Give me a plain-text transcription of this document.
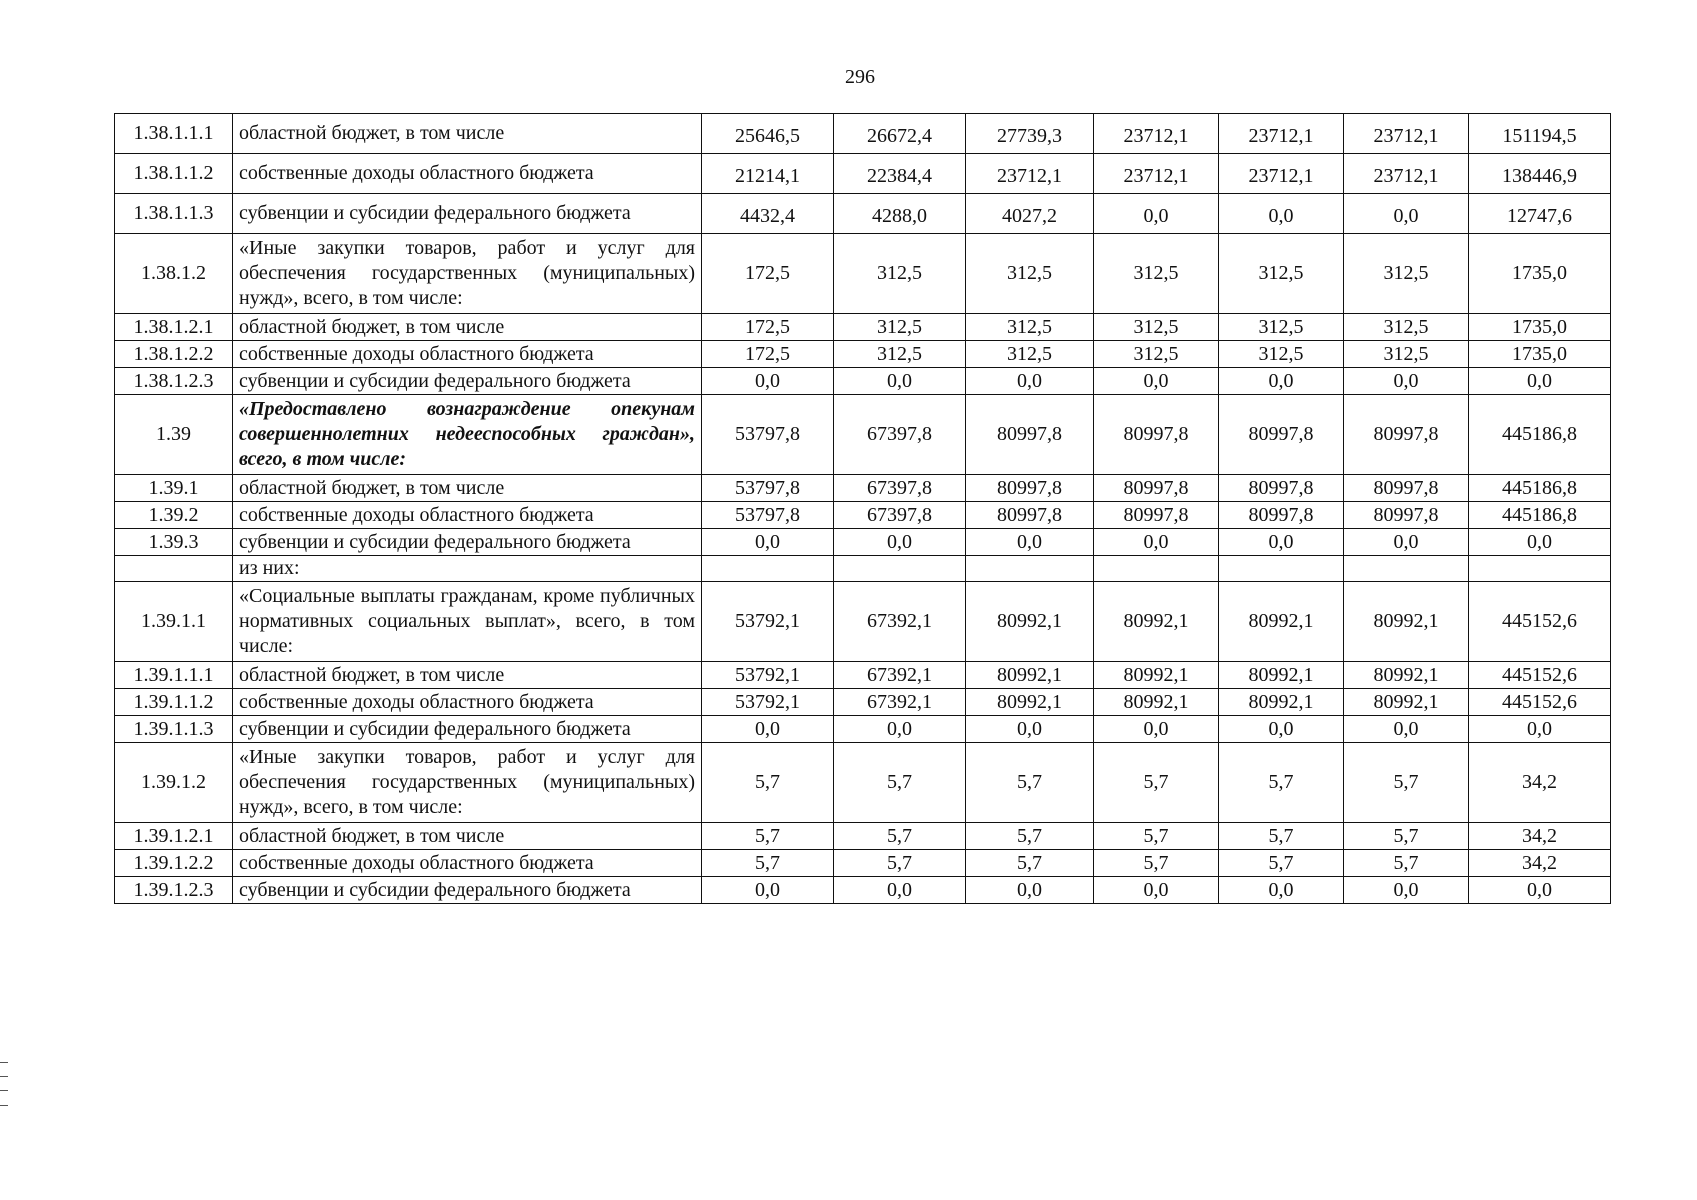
296
1.38.1.1.1	областной бюджет, в том числе	25646,5	26672,4	27739,3	23712,1	23712,1	23712,1	151194,5
1.38.1.1.2	собственные доходы областного бюджета	21214,1	22384,4	23712,1	23712,1	23712,1	23712,1	138446,9
1.38.1.1.3	субвенции и субсидии федерального бюджета	4432,4	4288,0	4027,2	0,0	0,0	0,0	12747,6
1.38.1.2	«Иные закупки товаров, работ и услуг для обеспечения государственных (муниципальных) нужд», всего, в том числе:	172,5	312,5	312,5	312,5	312,5	312,5	1735,0
1.38.1.2.1	областной бюджет, в том числе	172,5	312,5	312,5	312,5	312,5	312,5	1735,0
1.38.1.2.2	собственные доходы областного бюджета	172,5	312,5	312,5	312,5	312,5	312,5	1735,0
1.38.1.2.3	субвенции и субсидии федерального бюджета	0,0	0,0	0,0	0,0	0,0	0,0	0,0
1.39	«Предоставлено вознаграждение опекунам совершеннолетних недееспособных граждан», всего, в том числе:	53797,8	67397,8	80997,8	80997,8	80997,8	80997,8	445186,8
1.39.1	областной бюджет, в том числе	53797,8	67397,8	80997,8	80997,8	80997,8	80997,8	445186,8
1.39.2	собственные доходы областного бюджета	53797,8	67397,8	80997,8	80997,8	80997,8	80997,8	445186,8
1.39.3	субвенции и субсидии федерального бюджета	0,0	0,0	0,0	0,0	0,0	0,0	0,0
	из них:							
1.39.1.1	«Социальные выплаты гражданам, кроме публичных нормативных социальных выплат», всего, в том числе:	53792,1	67392,1	80992,1	80992,1	80992,1	80992,1	445152,6
1.39.1.1.1	областной бюджет, в том числе	53792,1	67392,1	80992,1	80992,1	80992,1	80992,1	445152,6
1.39.1.1.2	собственные доходы областного бюджета	53792,1	67392,1	80992,1	80992,1	80992,1	80992,1	445152,6
1.39.1.1.3	субвенции и субсидии федерального бюджета	0,0	0,0	0,0	0,0	0,0	0,0	0,0
1.39.1.2	«Иные закупки товаров, работ и услуг для обеспечения государственных (муниципальных) нужд», всего, в том числе:	5,7	5,7	5,7	5,7	5,7	5,7	34,2
1.39.1.2.1	областной бюджет, в том числе	5,7	5,7	5,7	5,7	5,7	5,7	34,2
1.39.1.2.2	собственные доходы областного бюджета	5,7	5,7	5,7	5,7	5,7	5,7	34,2
1.39.1.2.3	субвенции и субсидии федерального бюджета	0,0	0,0	0,0	0,0	0,0	0,0	0,0
